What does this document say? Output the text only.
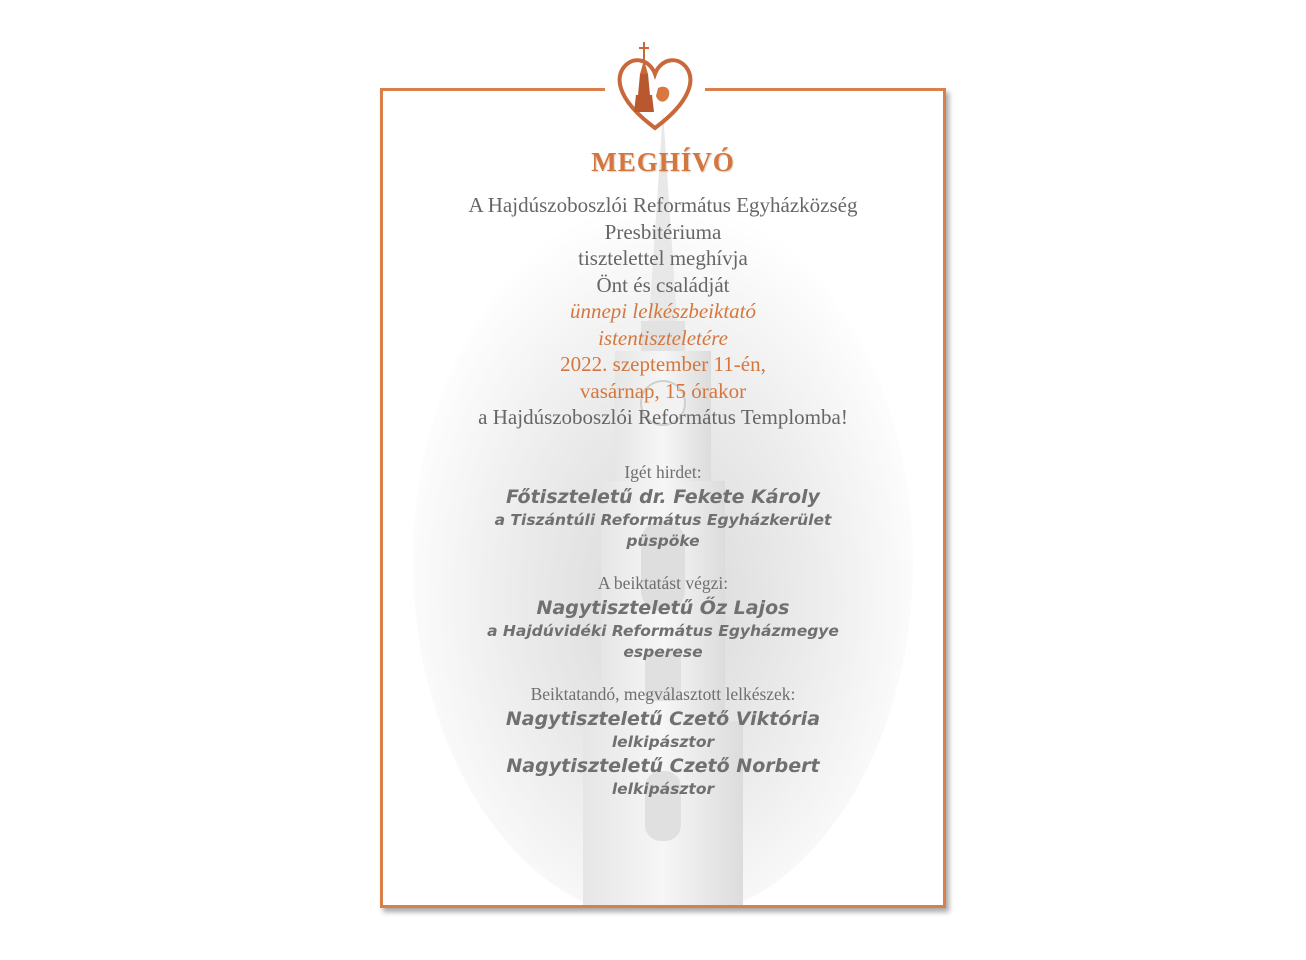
MEGHÍVÓ

A Hajdúszoboszlói Református Egyházközség

Presbitériuma

tisztelettel meghívja

Önt és családját

ünnepi lelkészbeiktató

istentiszteletére

2022. szeptember 11-én,

vasárnap, 15 órakor

a Hajdúszoboszlói Református Templomba!

Igét hirdet:

Főtiszteletű dr. Fekete Károly

a Tiszántúli Református Egyházkerület

püspöke

A beiktatást végzi:

Nagytiszteletű Őz Lajos

a Hajdúvidéki Református Egyházmegye

esperese

Beiktatandó, megválasztott lelkészek:

Nagytiszteletű Czető Viktória

lelkipásztor

Nagytiszteletű Czető Norbert

lelkipásztor
